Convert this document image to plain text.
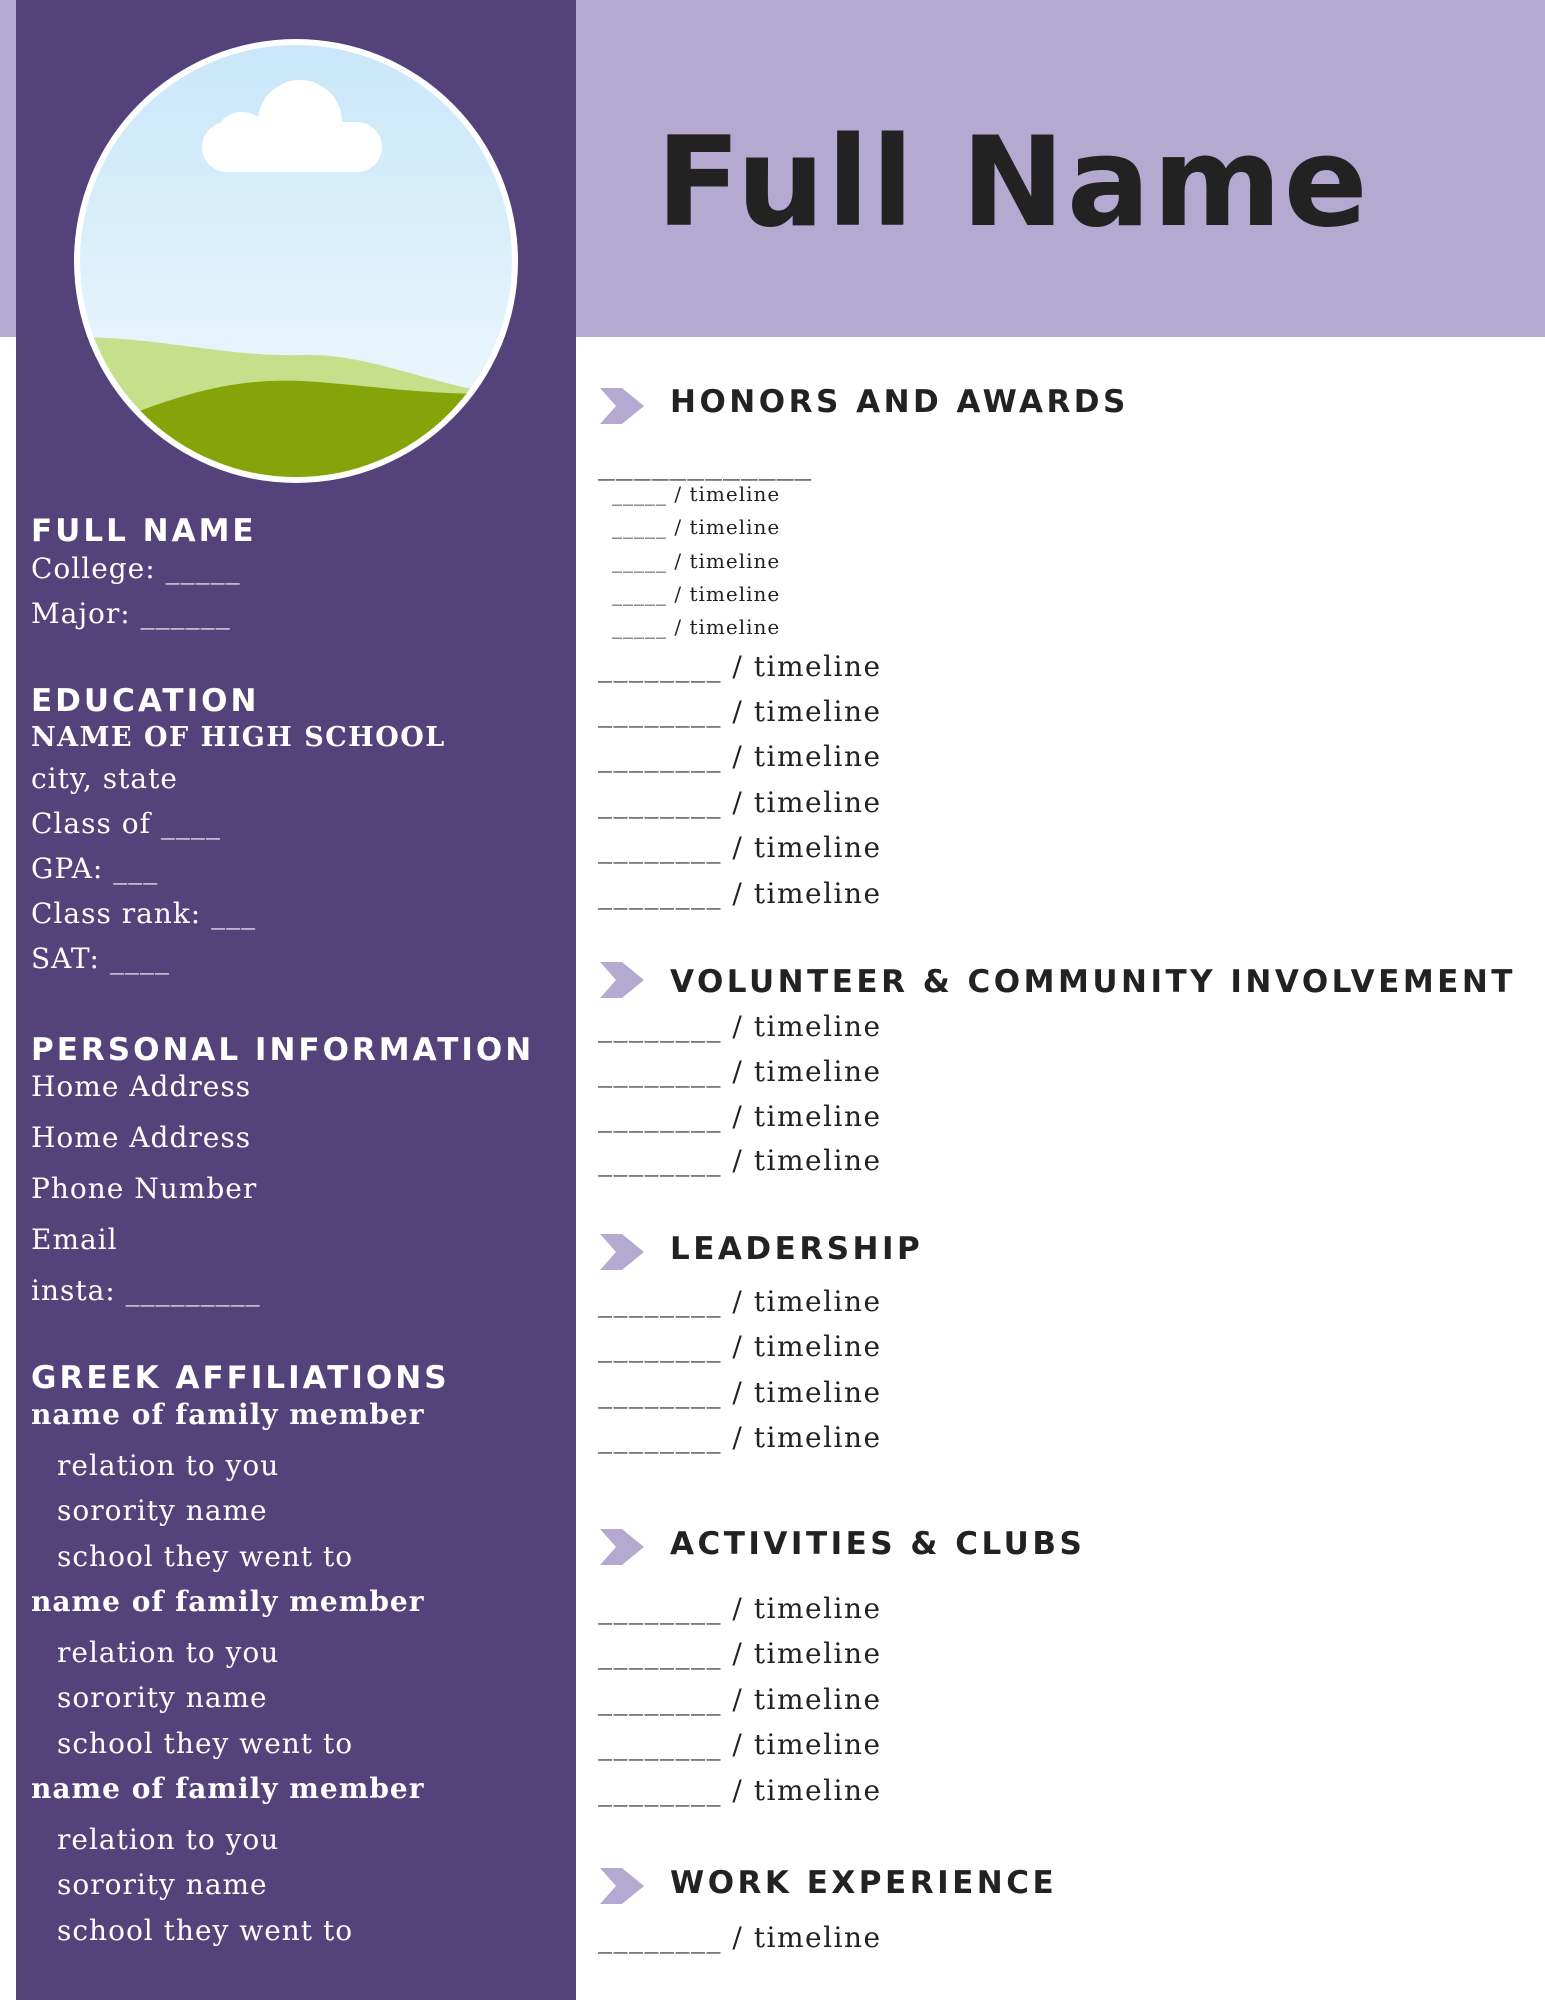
Full Name
FULL NAME
College: _____
Major: ______
EDUCATION
NAME OF HIGH SCHOOL
city, state
Class of ____
GPA: ___
Class rank: ___
SAT: ____
PERSONAL INFORMATION
Home Address
Home Address
Phone Number
Email
insta: _________
GREEK AFFILIATIONS
name of family member
relation to you
sorority name
school they went to
name of family member
relation to you
sorority name
school they went to
name of family member
relation to you
sorority name
school they went to
HONORS AND AWARDS
____________
_____ / timeline
_____ / timeline
_____ / timeline
_____ / timeline
_____ / timeline
________ / timeline
________ / timeline
________ / timeline
________ / timeline
________ / timeline
________ / timeline
VOLUNTEER & COMMUNITY INVOLVEMENT
________ / timeline
________ / timeline
________ / timeline
________ / timeline
LEADERSHIP
________ / timeline
________ / timeline
________ / timeline
________ / timeline
ACTIVITIES & CLUBS
________ / timeline
________ / timeline
________ / timeline
________ / timeline
________ / timeline
WORK EXPERIENCE
________ / timeline
